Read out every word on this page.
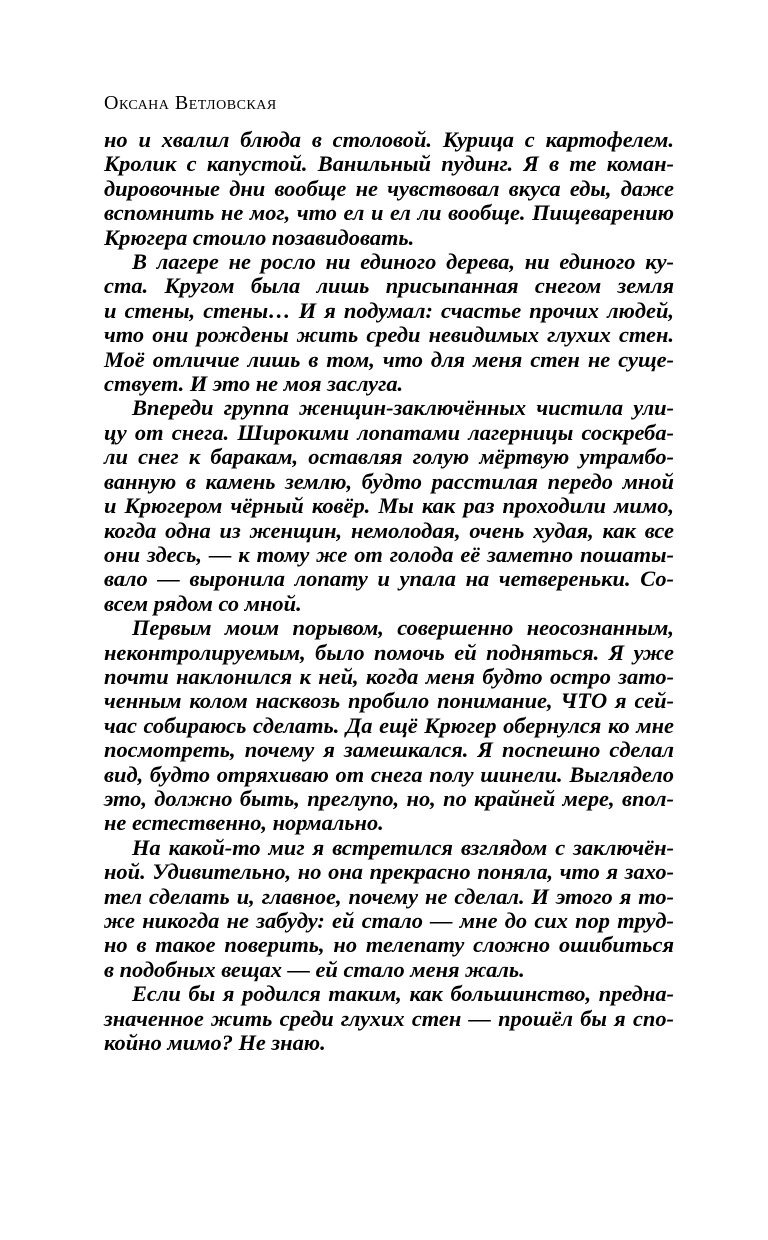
Оксана Ветловская

но и хвалил блюда в столовой. Курица с картофелем.
Кролик с капустой. Ванильный пудинг. Я в те коман-
дировочные дни вообще не чувствовал вкуса еды, даже
вспомнить не мог, что ел и ел ли вообще. Пищеварению
Крюгера стоило позавидовать.

В лагере не росло ни единого дерева, ни единого ку-
ста. Кругом была лишь присыпанная снегом земля
и стены, стены… И я подумал: счастье прочих людей,
что они рождены жить среди невидимых глухих стен.
Моё отличие лишь в том, что для меня стен не суще-
ствует. И это не моя заслуга.

Впереди группа женщин-заключённых чистила ули-
цу от снега. Широкими лопатами лагерницы соскреба-
ли снег к баракам, оставляя голую мёртвую утрамбо-
ванную в камень землю, будто расстилая передо мной
и Крюгером чёрный ковёр. Мы как раз проходили мимо,
когда одна из женщин, немолодая, очень худая, как все
они здесь, — к тому же от голода её заметно пошаты-
вало — выронила лопату и упала на четвереньки. Со-
всем рядом со мной.

Первым моим порывом, совершенно неосознанным,
неконтролируемым, было помочь ей подняться. Я уже
почти наклонился к ней, когда меня будто остро зато-
ченным колом насквозь пробило понимание, ЧТО я сей-
час собираюсь сделать. Да ещё Крюгер обернулся ко мне
посмотреть, почему я замешкался. Я поспешно сделал
вид, будто отряхиваю от снега полу шинели. Выглядело
это, должно быть, преглупо, но, по крайней мере, впол-
не естественно, нормально.

На какой-то миг я встретился взглядом с заключён-
ной. Удивительно, но она прекрасно поняла, что я захо-
тел сделать и, главное, почему не сделал. И этого я то-
же никогда не забуду: ей стало — мне до сих пор труд-
но в такое поверить, но телепату сложно ошибиться
в подобных вещах — ей стало меня жаль.

Если бы я родился таким, как большинство, предна-
значенное жить среди глухих стен — прошёл бы я спо-
койно мимо? Не знаю.
